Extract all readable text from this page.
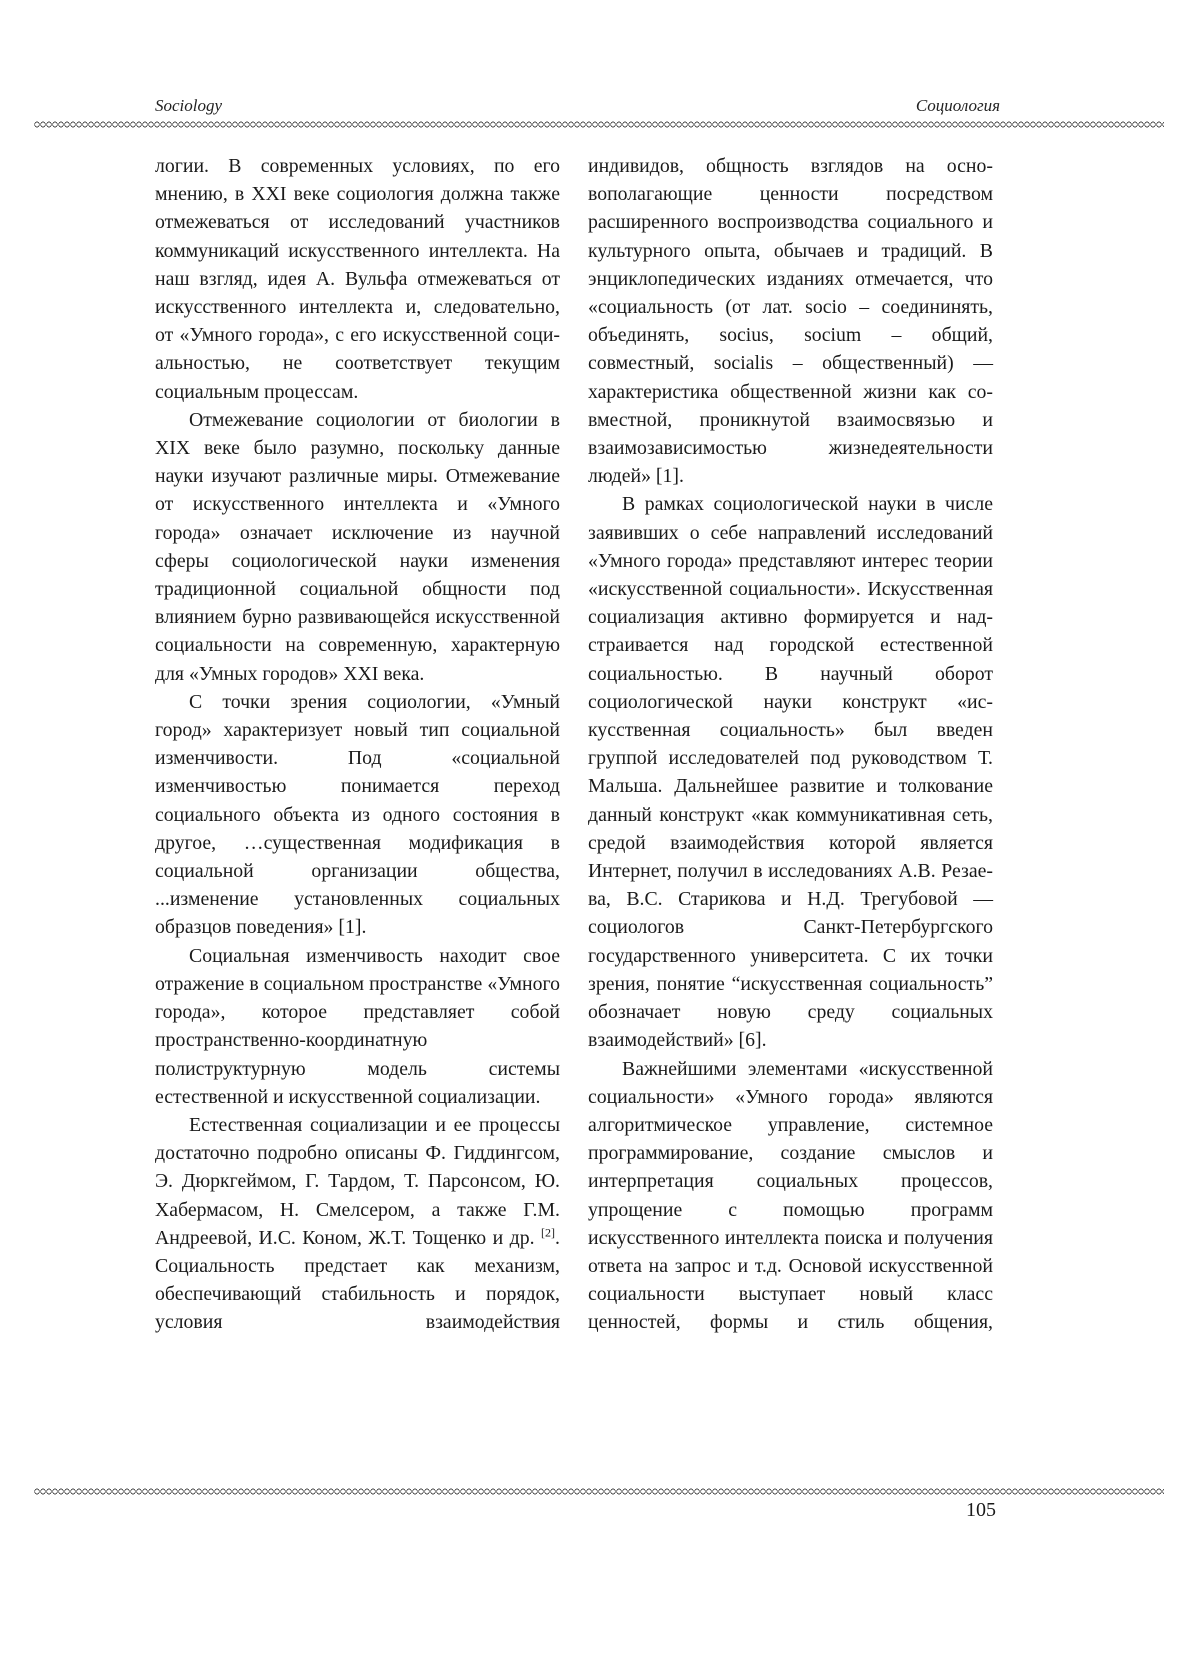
Sociology	Социология

логии. В современных условиях, по его мнению, в XXI веке социология должна также отмежеваться от исследований участников коммуникаций искусственного интеллекта. На наш взгляд, идея А. Вульфа отмежеваться от искусственного интеллекта и, следовательно, от «Умного города», с его искусственной социальностью, не соответствует текущим социальным процессам.

Отмежевание социологии от биологии в XIX веке было разумно, поскольку данные науки изучают различные миры. Отмежевание от искусственного интеллекта и «Умного города» означает исключение из научной сферы социологической науки изменения традиционной социальной общности под влиянием бурно развивающейся искусственной социальности на современную, характерную для «Умных городов» XXI века.

С точки зрения социологии, «Умный город» характеризует новый тип социальной изменчивости. Под «социальной изменчивостью понимается переход социального объекта из одного состояния в другое, …существенная модификация в социальной организации общества, ...изменение установленных социальных образцов поведения» [1].

Социальная изменчивость находит свое отражение в социальном пространстве «Умного города», которое представляет собой пространственно-координатную полиструктурную модель системы естественной и искусственной социализации.

Естественная социализации и ее процессы достаточно подробно описаны Ф. Гиддингсом, Э. Дюркгеймом, Г. Тардом, Т. Парсонсом, Ю. Хабермасом, Н. Смелсером, а также Г.М. Андреевой, И.С. Коном, Ж.Т. Тощенко и др. [2]. Социальность предстает как механизм, обеспечивающий стабильность и порядок, условия взаимодействия

индивидов, общность взглядов на основополагающие ценности посредством расширенного воспроизводства социального и культурного опыта, обычаев и традиций. В энциклопедических изданиях отмечается, что «социальность (от лат. socio – соедининять, объединять, socius, socium – общий, совместный, socialis – общественный) — характеристика общественной жизни как совместной, проникнутой взаимосвязью и взаимозависимостью жизнедеятельности людей» [1].

В рамках социологической науки в числе заявивших о себе направлений исследований «Умного города» представляют интерес теории «искусственной социальности». Искусственная социализация активно формируется и надстраивается над городской естественной социальностью. В научный оборот социологической науки конструкт «искусственная социальность» был введен группой исследователей под руководством Т. Мальша. Дальнейшее развитие и толкование данный конструкт «как коммуникативная сеть, средой взаимодействия которой является Интернет, получил в исследованиях А.В. Резаева, В.С. Старикова и Н.Д. Трегубовой — социологов Санкт-Петербургского государственного университета. С их точки зрения, понятие “искусственная социальность” обозначает новую среду социальных взаимодействий» [6].

Важнейшими элементами «искусственной социальности» «Умного города» являются алгоритмическое управление, системное программирование, создание смыслов и интерпретация социальных процессов, упрощение с помощью программ искусственного интеллекта поиска и получения ответа на запрос и т.д. Основой искусственной социальности выступает новый класс ценностей, формы и стиль общения,

105
